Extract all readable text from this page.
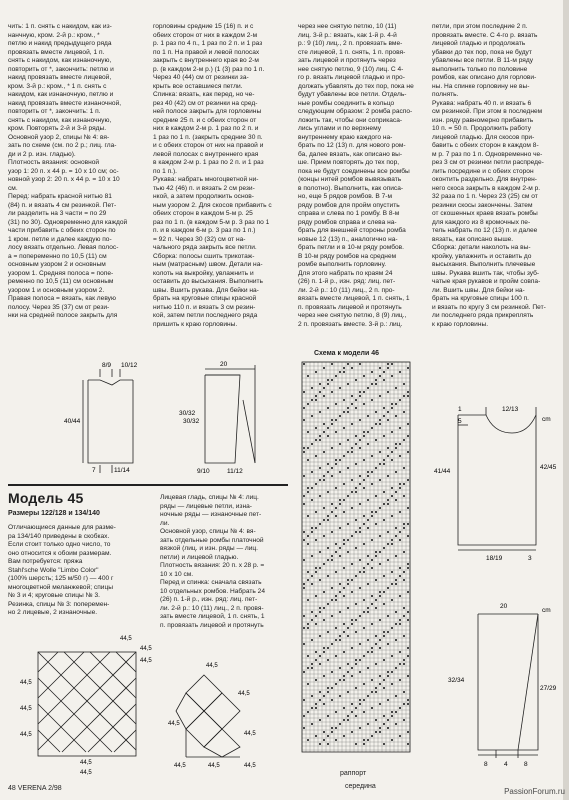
чить: 1 п. снять с накидом, как из-

нанчную, кром. 2-й р.: кром., *

петлю и накид предыдущего ряда

провязать вместе лицевой, 1 п.

снять с накидом, как изнаночную,

повторить от *, закончить: петлю и

накид провязать вместе лицевой,

кром. 3-й р.: кром., * 1 п. снять с

накидом, как изнаночную, петлю и

накид провязать вместе изнаночной,

повторить от *, закончить: 1 п.

снять с накидом, как изнаночную,

кром. Повторять 2-й и 3-й ряды.

Основной узор 2, спицы № 4: вя-

зать по схеме (см. по 2 р.; лиц. гла-

ди и 2 р. изн. гладью).

Плотность вязания: основной

узор 1: 20 п. х 44 р. = 10 х 10 см; ос-

новной узор 2: 20 п. х 44 р. = 10 х 10

см.

Перед: набрать красной нитью 81

(84) п. и вязать 4 см резинкой. Пет-

ли разделить на 3 части = по 29

(31) по 30). Одновременно для каждой

части прибавить с обеих сторон по

1 кром. петле и далее каждую по-

лосу вязать отдельно. Левая полос-

а = попеременно по 10,5 (11) см

основным узором 2 и основным

узором 1. Средняя полоса = попе-

ременно по 10,5 (11) см основным

узором 1 и основным узором 2.

Правая полоса = вязать, как левую

полосу. Через 35 (37) см от рези-

нки на средней полосе закрыть для

горловины средние 15 (16) п. и с

обеих сторон от них в каждом 2-м

р. 1 раз по 4 п., 1 раз по 2 п. и 1 раз

по 1 п. На правой и левой полосах

закрыть с внутреннего края во 2-м

р. (в каждом 2-м р.) (1 (3) раз по 1 п.

Через 40 (44) см от резинки за-

крыть все оставшиеся петли.

Спинка: вязать, как перед, но че-

рез 40 (42) см от резинки на сред-

ней полосе закрыть для горловины

средние 25 п. и с обеих сторон от

них в каждом 2-м р. 1 раз по 2 п. и

1 раз по 1 п. (закрыть средние 30 п.

и с обеих сторон от них на правой и

левой полосах с внутреннего края

в каждом 2-м р. 1 раз по 2 п. и 1 раз

по 1 п.).

Рукава: набрать многоцветной ни-

тью 42 (46) п. и вязать 2 см рези-

нкой, а затем продолжить основ-

ным узором 2. Для скосов прибавить с

обеих сторон в каждом 5-м р. 25

раз по 1 п. (в каждом 5-м р. 3 раз по 1

п. и в каждом 6-м р. 3 раз по 1 п.)

= 92 п. Через 30 (32) см от на-

чального ряда закрыть все петли.

Сборка: полосы сшить трикотаж-

ным (матрасным) швом. Детали на-

колоть на выкройку, увлажнить и

оставить до высыхания. Выполнить

швы. Вшить рукава. Для бейки на-

брать на круговые спицы красной

нитью 110 п. и вязать 3 см резин-

кой, затем петли последнего ряда

пришить к краю горловины.

через нее снятую петлю, 10 (11)

лиц. 3-й р.: вязать, как 1-й р. 4-й

р.: 9 (10) лиц., 2 п. провязать вме-

сте лицевой, 1 п. снять, 1 п. провя-

зать лицевой и протянуть через

нее снятую петлю, 9 (10) лиц. С 4-

го р. вязать лицевой гладью и про-

должать убавлять до тех пор, пока не

будут убавлены все петли. Отдель-

ные ромбы соединить в кольцо

следующим образом: 2 ромба распо-

ложить так, чтобы они соприкаса-

лись углами и по верхнему

внутреннему краю каждого на-

брать по 12 (13) п. для нового ром-

ба, далее вязать, как описано вы-

ше. Прием повторять до тех пор,

пока не будут соединены все ромбы

(концы нитей ромбов вывязывать

в полотно). Выполнить, как описа-

но, еще 5 рядов ромбов. В 7-м

ряду ромбов для пройм опустить

справа и слева по 1 ромбу. В 8-м

ряду ромбов справа и слева на-

брать для внешней стороны ромба

новые 12 (13) п., аналогично на-

брать петли и в 10-м ряду ромбов.

В 10-м ряду ромбов на среднем

ромбе выполнить горловину.

Для этого набрать по краям 24

(26) п. 1-й р., изн. ряд: лиц. пет-

ли. 2-й р.: 10 (11) лиц., 2 п. про-

вязать вместе лицевой, 1 п. снять, 1

п. провязать лицевой и протянуть

через нее снятую петлю, 8 (9) лиц.,

2 п. провязать вместе. 3-й р.: лиц.

петли, при этом последние 2 п.

провязать вместе. С 4-го р. вязать

лицевой гладью и продолжать

убавки до тех пор, пока не будут

убавлены все петли. В 11-м ряду

выполнить только по половине

ромбов, как описано для горлови-

ны. На спинке горловину не вы-

полнять.

Рукава: набрать 40 п. и вязать 6

см резинкой. При этом в последнем

изн. ряду равномерно прибавить

10 п. = 50 п. Продолжить работу

лицевой гладью. Для скосов при-

бавить с обеих сторон в каждом 8-

м р. 7 раз по 1 п. Одновременно че-

рез 3 см от резинки петли распреде-

лить посредине и с обеих сторон

оконтить раздельно. Для внутрен-

него скоса закрыть в каждом 2-м р.

32 раза по 1 п. Через 23 (25) см от

резинки скосы закончены. Затем

от скошенных краев вязать ромбы

для каждого из 8 кромочных пе-

тель набрать по 12 (13) п. и далее

вязать, как описано выше.

Сборка: детали наколоть на вы-

кройку, увлажнить и оставить до

высыхания. Выполнить плечевые

швы. Рукава вшить так, чтобы зуб-

чатые края рукавов и пройм совпа-

ли. Вшить швы. Для бейки на-

брать на круговые спицы 100 п.

и вязать по кругу 3 см резинкой. Пет-

ли последнего ряда прикреплять

к краю горловины.

8/9 10/12
40/44
7	11/14
20
30/32
30/32
9/10	11/12
Модель 45
Размеры 122/128 и 134/140

Отличающиеся данные для разме-

ра 134/140 приведены в скобках.

Если стоит только одно число, то

оно относится к обоим размерам.

Вам потребуется: пряжа

Stahl'sche Wolle "Limbo Color"

(100% шерсть; 125 м/50 г) — 400 г

многоцветной меланжевой; спицы

№ 3 и 4; круговые спицы № 3.

Резинка, спицы № 3: поперемен-

но 2 лицевые, 2 изнаночные.

Лицевая гладь, спицы № 4: лиц.

ряды — лицевые петли, изна-

ночные ряды — изнаночные пет-

ли.

Основной узор, спицы № 4: вя-

зать отдельные ромбы платочной

вязкой (лиц. и изн. ряды — лиц.

петли) и лицевой гладью.

Плотность вязания: 20 п. х 28 р. =

10 х 10 см.

Перед и спинка: сначала связать

10 отдельных ромбов. Набрать 24

(26) п. 1-й р., изн. ряд: лиц. пет-

ли. 2-й р.: 10 (11) лиц., 2 п. провя-

зать вместе лицевой, 1 п. снять, 1

п. провязать лицевой и протянуть

44,5
44,5
44,5
44,5
44,5
44,5
44,5
44,5
44,5
44,5
44,5
44,5
44,5	44,5	44,5
Схема к модели 46
раппорт
середина
1
5
12/13
cm
41/44
42/45
18/19	3
20
cm
32/34
27/29
8	4	8
48 VERENA 2/98	PassionForum.ru
